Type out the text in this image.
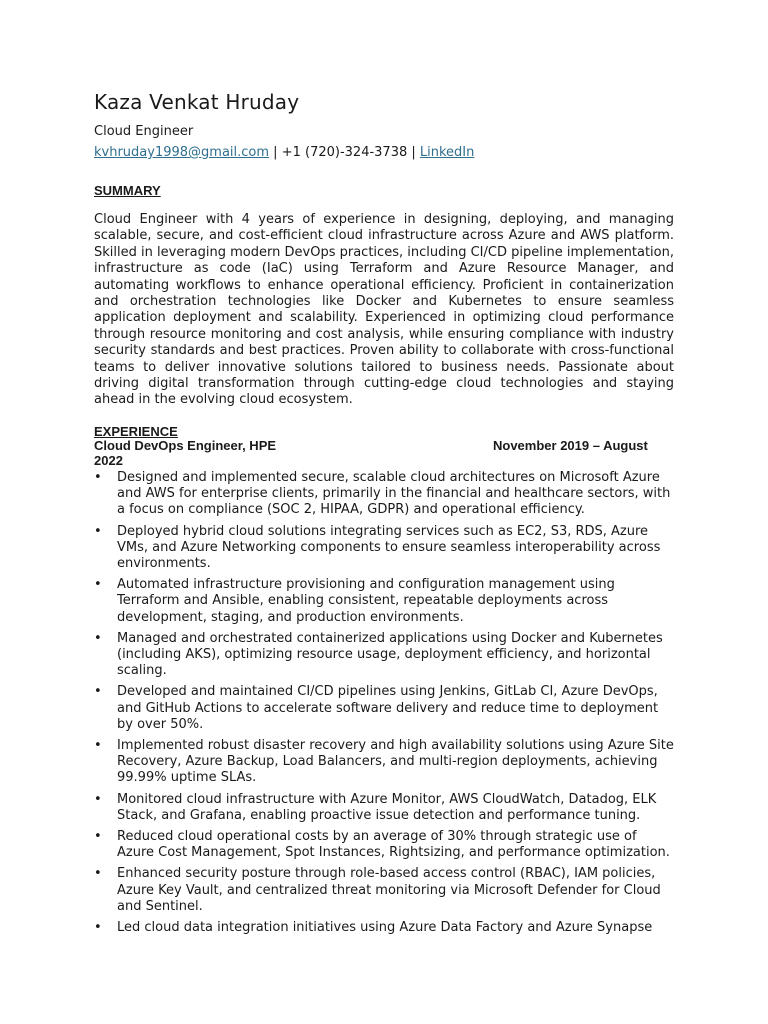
Kaza Venkat Hruday
Cloud Engineer
kvhruday1998@gmail.com | +1 (720)-324-3738 | LinkedIn
SUMMARY

Cloud Engineer with 4 years of experience in designing, deploying, and managing scalable, secure, and cost-efficient cloud infrastructure across Azure and AWS platform. Skilled in leveraging modern DevOps practices, including CI/CD pipeline implementation, infrastructure as code (IaC) using Terraform and Azure Resource Manager, and automating workflows to enhance operational efficiency. Proficient in containerization and orchestration technologies like Docker and Kubernetes to ensure seamless application deployment and scalability. Experienced in optimizing cloud performance through resource monitoring and cost analysis, while ensuring compliance with industry security standards and best practices. Proven ability to collaborate with cross-functional teams to deliver innovative solutions tailored to business needs. Passionate about driving digital transformation through cutting-edge cloud technologies and staying ahead in the evolving cloud ecosystem.

EXPERIENCE
Cloud DevOps Engineer, HPE	November 2019 – August
2022
• Designed and implemented secure, scalable cloud architectures on Microsoft Azure and AWS for enterprise clients, primarily in the financial and healthcare sectors, with a focus on compliance (SOC 2, HIPAA, GDPR) and operational efficiency.
• Deployed hybrid cloud solutions integrating services such as EC2, S3, RDS, Azure VMs, and Azure Networking components to ensure seamless interoperability across environments.
• Automated infrastructure provisioning and configuration management using Terraform and Ansible, enabling consistent, repeatable deployments across development, staging, and production environments.
• Managed and orchestrated containerized applications using Docker and Kubernetes (including AKS), optimizing resource usage, deployment efficiency, and horizontal scaling.
• Developed and maintained CI/CD pipelines using Jenkins, GitLab CI, Azure DevOps, and GitHub Actions to accelerate software delivery and reduce time to deployment by over 50%.
• Implemented robust disaster recovery and high availability solutions using Azure Site Recovery, Azure Backup, Load Balancers, and multi-region deployments, achieving 99.99% uptime SLAs.
• Monitored cloud infrastructure with Azure Monitor, AWS CloudWatch, Datadog, ELK Stack, and Grafana, enabling proactive issue detection and performance tuning.
• Reduced cloud operational costs by an average of 30% through strategic use of Azure Cost Management, Spot Instances, Rightsizing, and performance optimization.
• Enhanced security posture through role-based access control (RBAC), IAM policies, Azure Key Vault, and centralized threat monitoring via Microsoft Defender for Cloud and Sentinel.
• Led cloud data integration initiatives using Azure Data Factory and Azure Synapse
